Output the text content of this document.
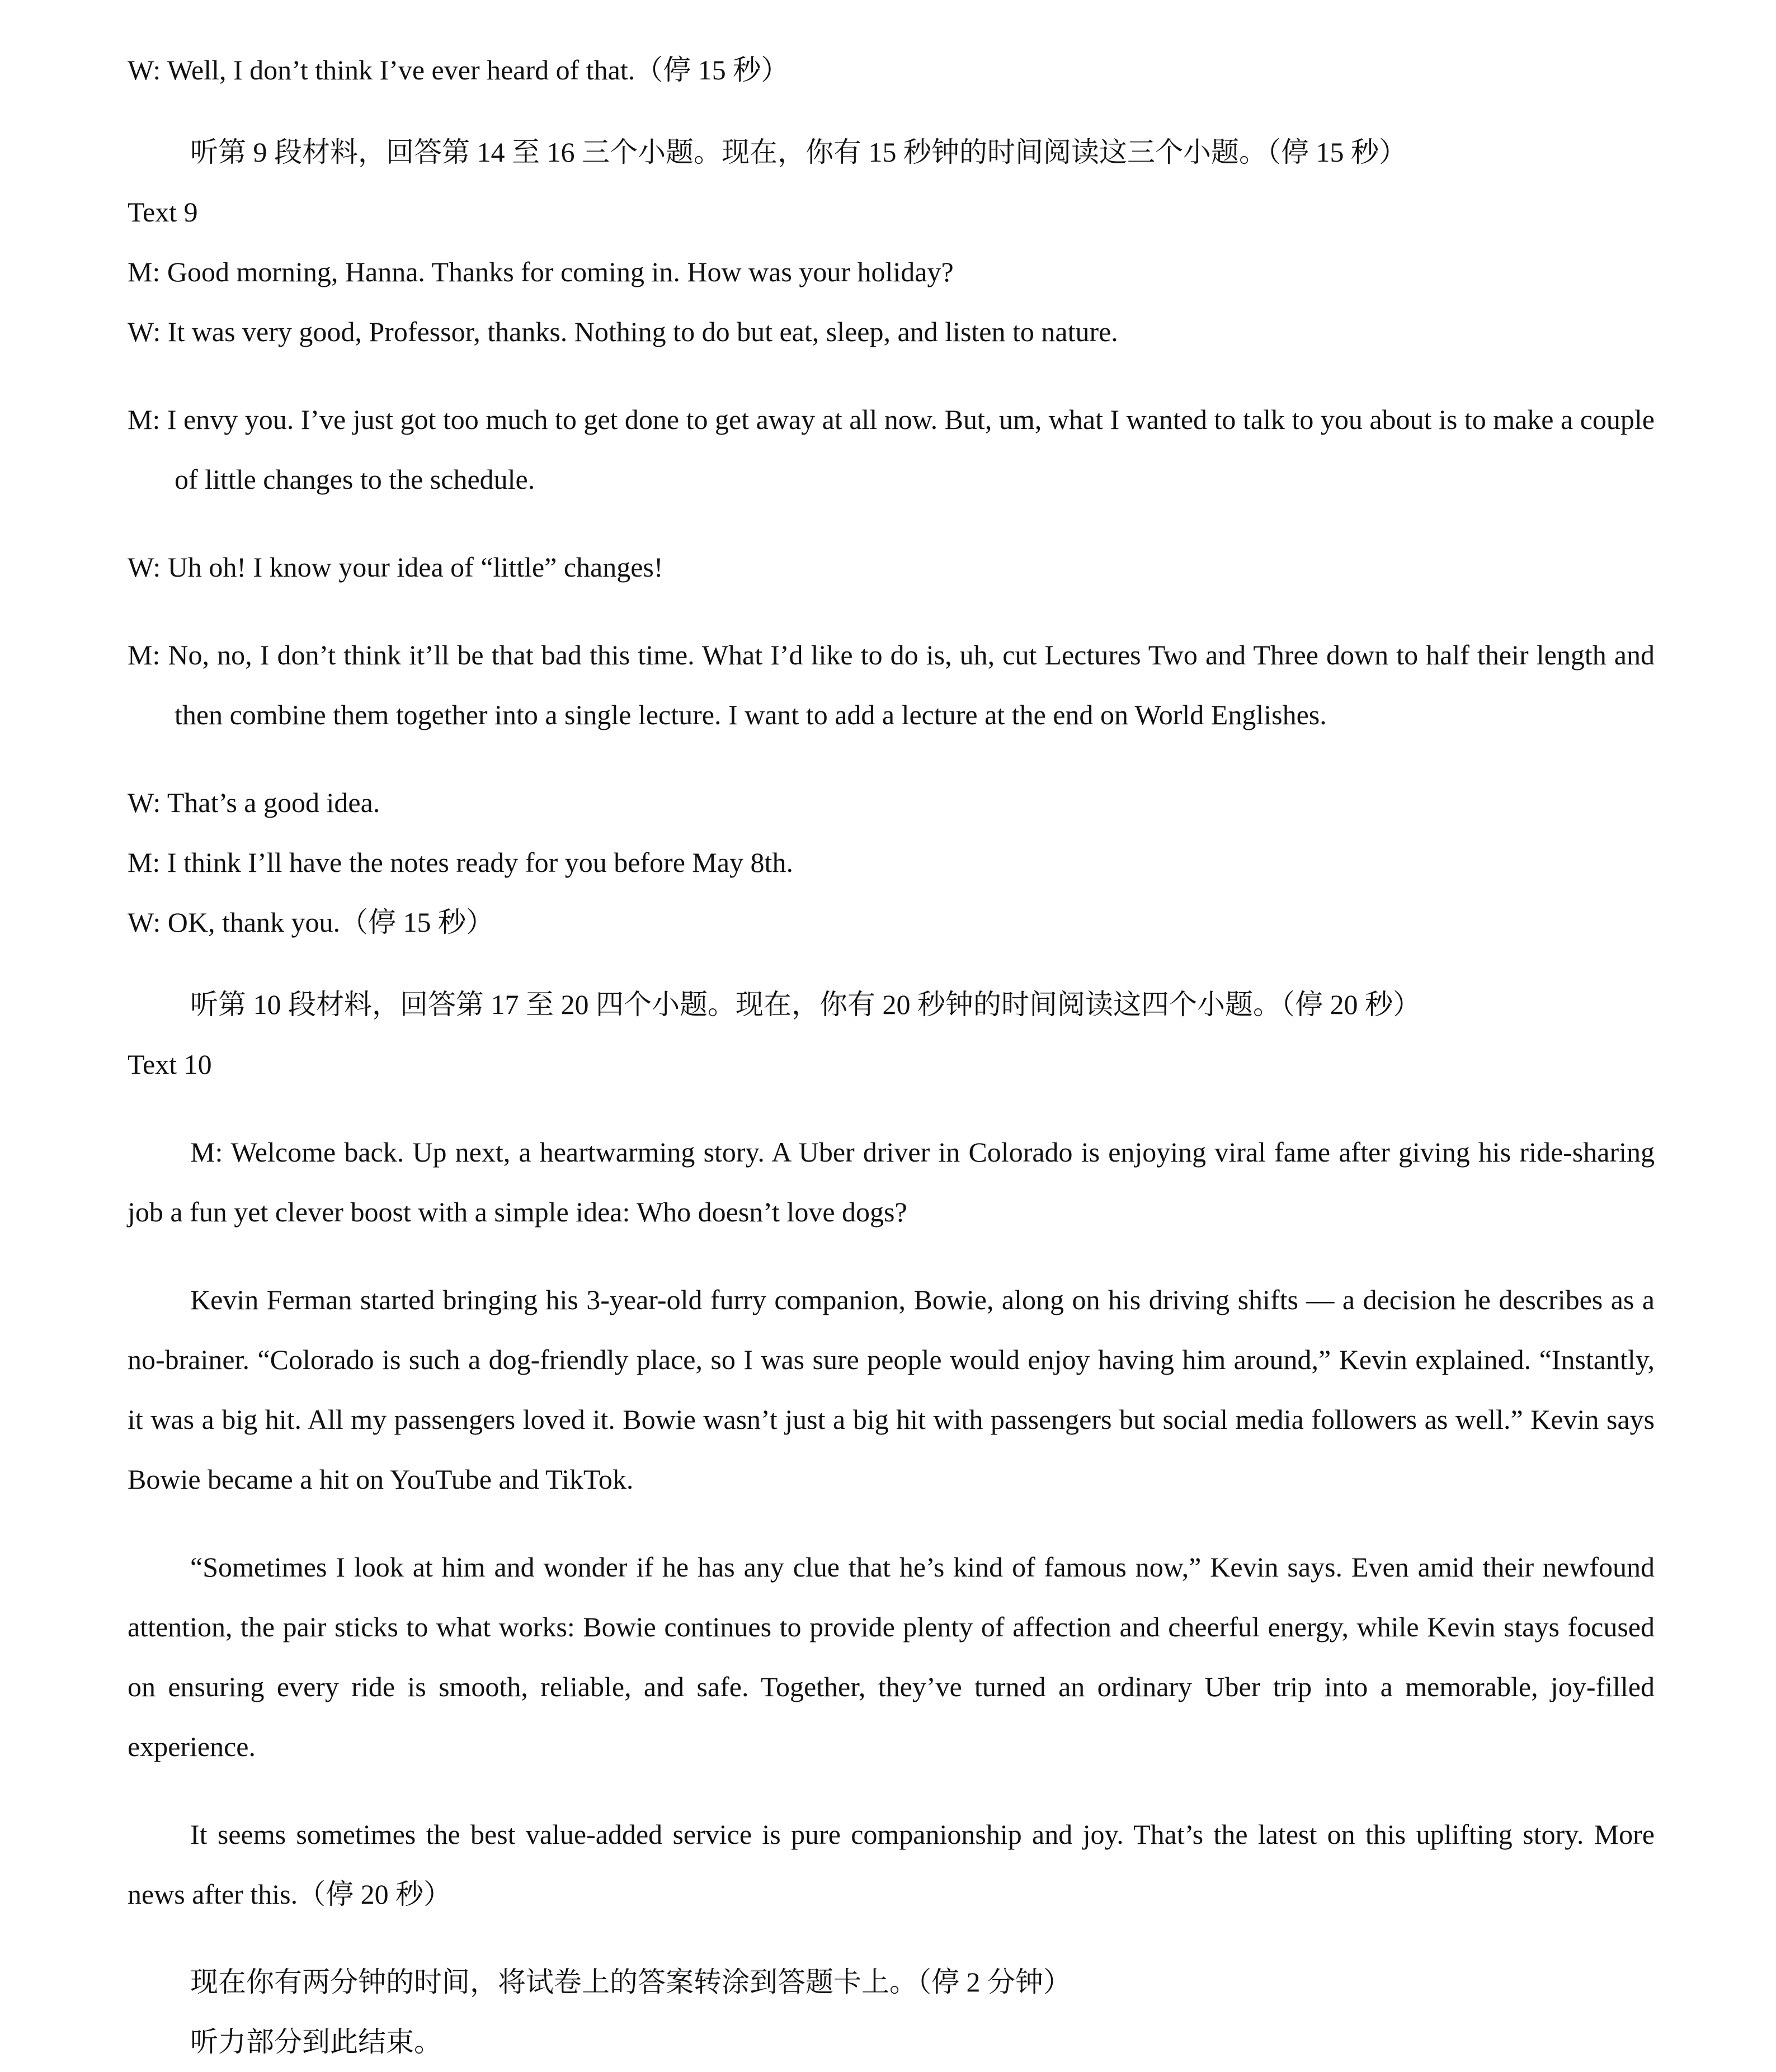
W: Well, I don’t think I’ve ever heard of that.（停 15 秒）

听第 9 段材料，回答第 14 至 16 三个小题。现在，你有 15 秒钟的时间阅读这三个小题。（停 15 秒）

Text 9

M: Good morning, Hanna. Thanks for coming in. How was your holiday?

W: It was very good, Professor, thanks. Nothing to do but eat, sleep, and listen to nature.

M: I envy you. I’ve just got too much to get done to get away at all now. But, um, what I wanted to talk to you about is to make a couple of little changes to the schedule.

W: Uh oh! I know your idea of “little” changes!

M: No, no, I don’t think it’ll be that bad this time. What I’d like to do is, uh, cut Lectures Two and Three down to half their length and then combine them together into a single lecture. I want to add a lecture at the end on World Englishes.

W: That’s a good idea.

M: I think I’ll have the notes ready for you before May 8th.

W: OK, thank you.（停 15 秒）

听第 10 段材料，回答第 17 至 20 四个小题。现在，你有 20 秒钟的时间阅读这四个小题。（停 20 秒）

Text 10

M: Welcome back. Up next, a heartwarming story. A Uber driver in Colorado is enjoying viral fame after giving his ride-sharing job a fun yet clever boost with a simple idea: Who doesn’t love dogs?

Kevin Ferman started bringing his 3-year-old furry companion, Bowie, along on his driving shifts — a decision he describes as a no-brainer. “Colorado is such a dog-friendly place, so I was sure people would enjoy having him around,” Kevin explained. “Instantly, it was a big hit. All my passengers loved it. Bowie wasn’t just a big hit with passengers but social media followers as well.” Kevin says Bowie became a hit on YouTube and TikTok.

“Sometimes I look at him and wonder if he has any clue that he’s kind of famous now,” Kevin says. Even amid their newfound attention, the pair sticks to what works: Bowie continues to provide plenty of affection and cheerful energy, while Kevin stays focused on ensuring every ride is smooth, reliable, and safe. Together, they’ve turned an ordinary Uber trip into a memorable, joy-filled experience.

It seems sometimes the best value-added service is pure companionship and joy. That’s the latest on this uplifting story. More news after this.（停 20 秒）

现在你有两分钟的时间，将试卷上的答案转涂到答题卡上。（停 2 分钟）

听力部分到此结束。
